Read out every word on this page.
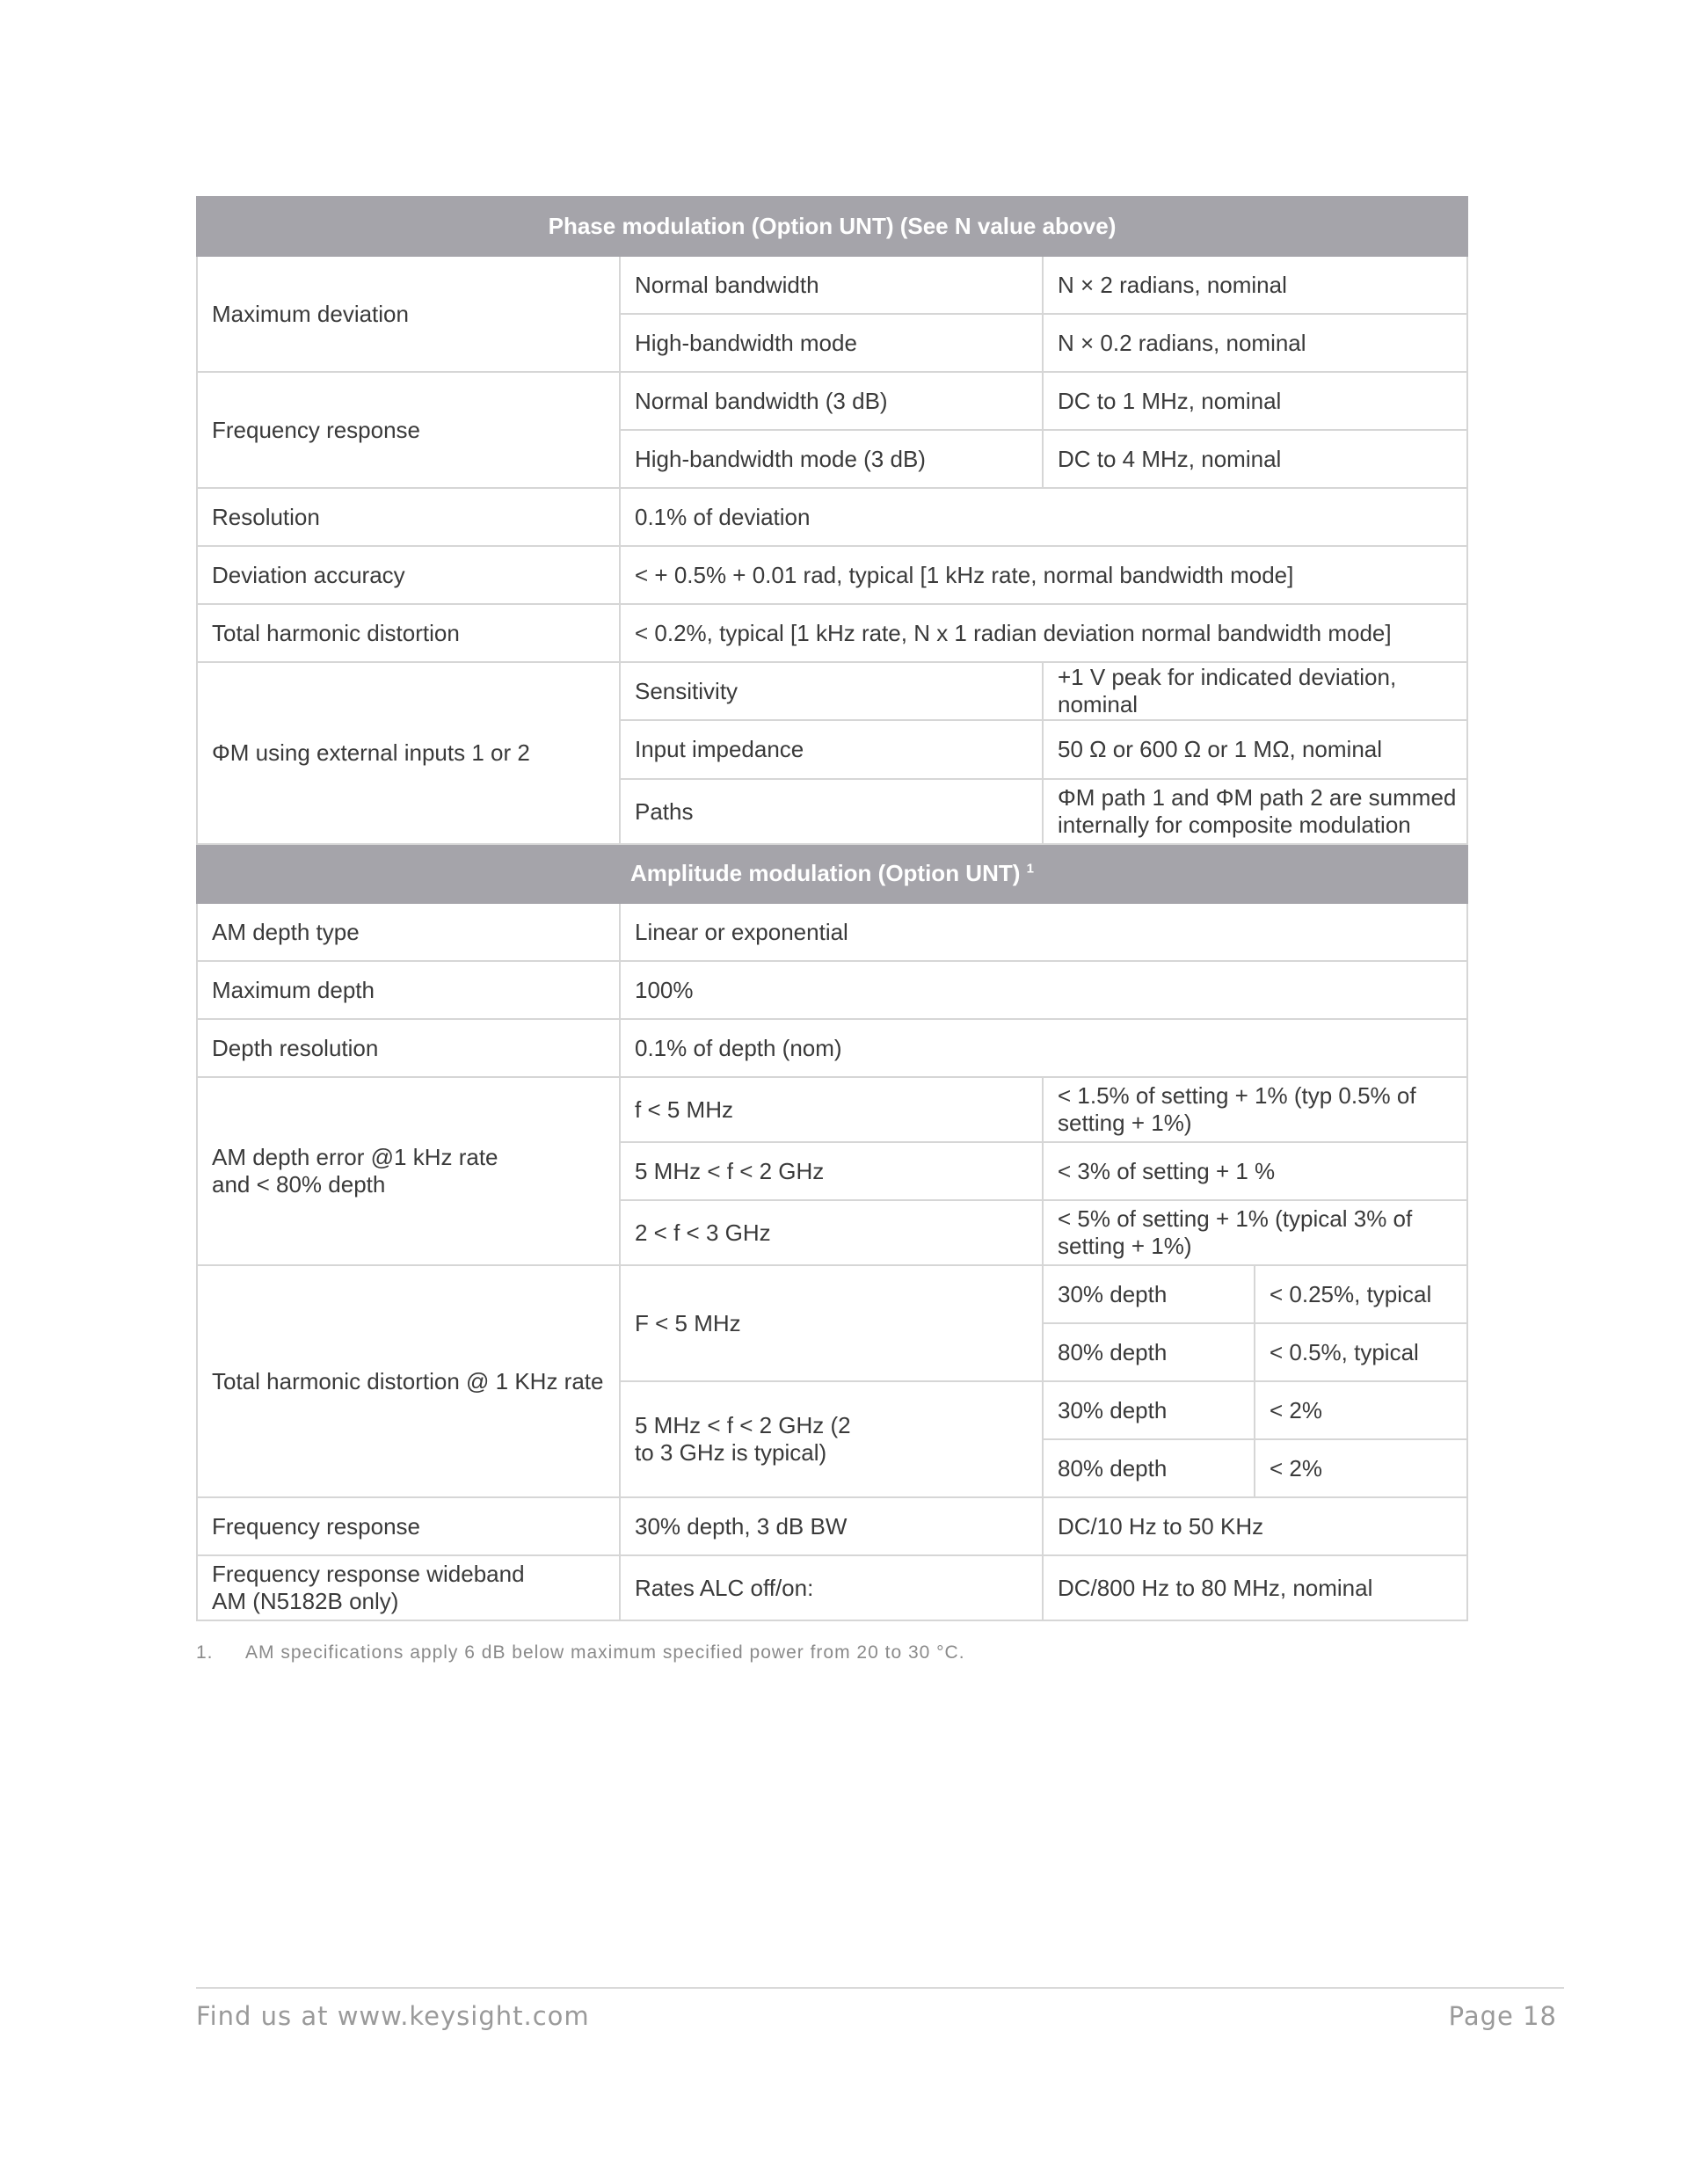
Phase modulation (Option UNT) (See N value above)			
Maximum deviation	Normal bandwidth	N × 2 radians, nominal	
	High-bandwidth mode	N × 0.2 radians, nominal	
Frequency response	Normal bandwidth (3 dB)	DC to 1 MHz, nominal	
	High-bandwidth mode (3 dB)	DC to 4 MHz, nominal	
Resolution	0.1% of deviation		
Deviation accuracy	< + 0.5% + 0.01 rad, typical [1 kHz rate, normal bandwidth mode]		
Total harmonic distortion	< 0.2%, typical [1 kHz rate, N x 1 radian deviation normal bandwidth mode]		
ΦM using external inputs 1 or 2	Sensitivity	+1 V peak for indicated deviation, nominal	
	Input impedance	50 Ω or 600 Ω or 1 MΩ, nominal	
	Paths	ΦM path 1 and ΦM path 2 are summed internally for composite modulation	
Amplitude modulation (Option UNT) $^1$
AM depth type	Linear or exponential		
Maximum depth	100%		
Depth resolution	0.1% of depth (nom)		
AM depth error @1 kHz rate and < 80% depth	f < 5 MHz	< 1.5% of setting + 1% (typ 0.5% of setting + 1%)	
	5 MHz < f < 2 GHz	< 3% of setting + 1 %	
	2 < f < 3 GHz	< 5% of setting + 1% (typical 3% of setting + 1%)	
Total harmonic distortion @ 1 KHz rate	F < 5 MHz	30% depth	< 0.25%, typical
		80% depth	< 0.5%, typical
	5 MHz < f < 2 GHz (2 to 3 GHz is typical)	30% depth	< 2%
		80% depth	< 2%
Frequency response	30% depth, 3 dB BW	DC/10 Hz to 50 KHz	
Frequency response wideband AM (N5182B only)	Rates ALC off/on:	DC/800 Hz to 80 MHz, nominal	
1. AM specifications apply 6 dB below maximum specified power from 20 to 30 °C.
Find us at www.keysight.com	Page 18
